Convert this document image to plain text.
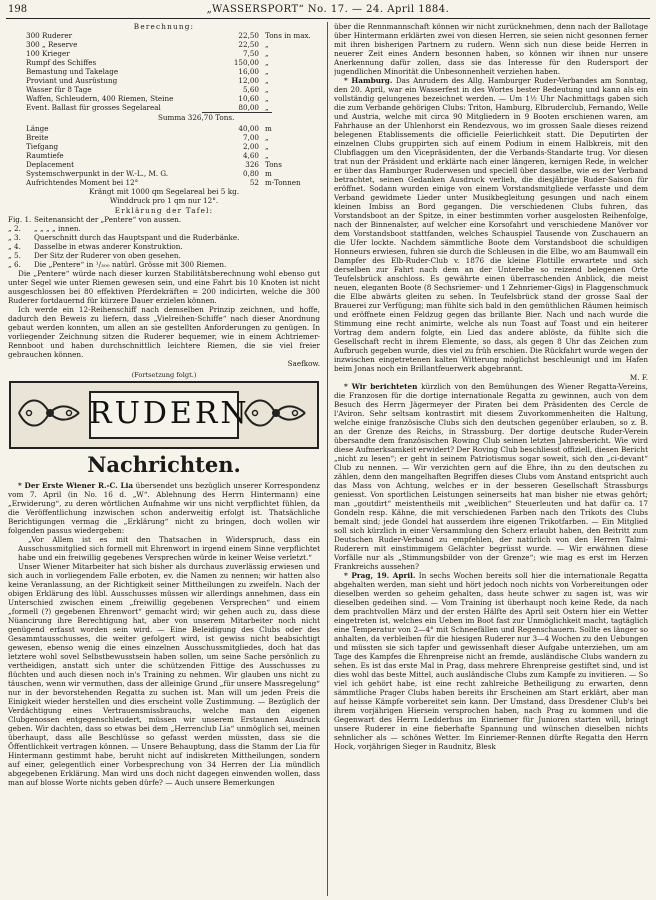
198	„WASSERSPORT“ No. 17. — 24. April 1884.
Berechnung:
300 Ruderer	22,50 Tons in max.
300 „ Reserve	22,50 „
100 Krieger	7,50 „
Rumpf des Schiffes	150,00 „
Bemastung und Takelage	16,00 „
Proviant und Ausrüstung	12,00 „
Wasser für 8 Tage	5,60 „
Waffen, Schleudern, 400 Riemen, Steine	10,60 „
Event. Ballast für grosses Segelareal	80,00 „
Summa 326,70 Tons.
Länge	40,00 m
Breite	7,00 „
Tiefgang	2,00 „
Raumtiefe	4,60 „
Deplacement	326 Tons
Systemschwerpunkt in der W.-L., M. G.	0,80 m
Aufrichtendes Moment bei 12°	52 m-Tonnen
Krängt mit 1000 qm Segelareal bei 5 kg.
Winddruck pro 1 qm nur 12°.
Erklärung der Tafel:
Fig. 1. Seitenansicht der „Pentere“ von aussen.
„ 2. „ „ „ „ innen.
„ 3. Querschnitt durch das Hauptspant und die Ruderbänke.
„ 4. Dasselbe in etwas anderer Konstruktion.
„ 5. Der Sitz der Ruderer von oben gesehen.
„ 6. Die „Pentere“ in ¹/₃₀₀ natürl. Grösse mit 300 Riemen.

Die „Pentere“ würde nach dieser kurzen Stabilitätsberechnung wohl ebenso gut unter Segel wie unter Riemen gewesen sein, und eine Fahrt bis 10 Knoten ist nicht ausgeschlossen bei 80 effektiven Pferdekräften = 200 indicirten, welche die 300 Ruderer fortdauernd für kürzere Dauer erzielen können.

Ich werde ein 12-Reihenschiff nach demselben Prinzip zeichnen, und hoffe, dadurch den Beweis zu liefern, dass „Vielreihen-Schiffe“ nach dieser Anordnung gebaut werden konnten, um allen an sie gestellten Anforderungen zu genügen. In vorliegender Zeichnung sitzen die Ruderer bequemer, wie in einem Achtriemer-Rennboot und haben durchschnittlich leichtere Riemen, die sie viel freier gebrauchen können.

Saefkow.
(Fortsetzung folgt.)
RUDERN
Nachrichten.

* Der Erste Wiener R.-C. Lia übersendet uns bezüglich unserer Korrespondenz vom 7. April (in No. 16 d. „W“. Ablehnung des Herrn Hintermann) eine „Erwiderung“, zu deren wörtlichen Aufnahme wir uns nicht verpflichtet fühlen, da die Veröffentlichung inzwischen schon anderweitig erfolgt ist. Thatsächliche Berichtigungen vermag die „Erklärung“ nicht zu bringen, doch wollen wir folgenden passus wiedergeben:

„Vor Allem ist es mit den Thatsachen in Widerspruch, dass ein Ausschussmitglied sich formell mit Ehrenwort in irgend einem Sinne verpflichtet habe und ein freiwillig gegebenes Versprechen würde in keiner Weise verletzt.“

Unser Wiener Mitarbeiter hat sich bisher als durchaus zuverlässig erwiesen und sich auch in vorliegendem Falle erboten, ev. die Namen zu nennen; wir hatten also keine Veranlassung, an der Richtigkeit seiner Mittheilungen zu zweifeln. Nach der obigen Erklärung des lübl. Ausschusses müssen wir allerdings annehmen, dass ein Unterschied zwischen einem „freiwillig gegebenen Versprechen“ und einem „formell (?) gegebenen Ehrenwort“ gemacht wird; wir gehen auch zu, dass diese Nüancirung ihre Berechtigung hat, aber von unserem Mitarbeiter noch nicht genügend erfasst worden sein wird. — Eine Beleidigung des Clubs oder des Gesammtausschusses, die weiter gefolgert wird, ist gewiss nicht beabsichtigt gewesen, ebenso wenig die eines einzelnen Ausschussmitgliedes, doch hat das letztere wohl sovel Selbstbewusstsein haben sollen, um seine Sache persönlich zu vertheidigen, anstatt sich unter die schützenden Fittige des Ausschusses zu flüchten und auch diesen noch in's Training zu nehmen. Wir glauben uns nicht zu täuschen, wenn wir vermuthen, dass der alleinige Grund „für unsere Massregelung“ nur in der bevorstehenden Regatta zu suchen ist. Man will um jeden Preis die Einigkeit wieder herstellen und dies erscheint volle Zustimmung. — Bezüglich der Verdächtigung eines Vertrauensmissbrauchs, welche man den eigenen Clubgenossen entgegenschleudert, müssen wir unserem Erstaunen Ausdruck geben. Wir dachten, dass so etwas bei dem „Herrenclub Lia“ unmöglich sei, meinen überhaupt, dass alle Beschlüsse so gefasst werden müssten, dass sie die Öffentlichkeit vertragen können. — Unsere Behauptung, dass die Stamm der Lia für Hintermann gestimmt habe, beruht nicht auf indiskreten Mittheilungen, sondern auf einer, gelegentlich einer Vorbesprechung von 34 Herren der Lia mündlich abgegebenen Erklärung. Man wird uns doch nicht dagegen einwenden wollen, dass man auf blosse Worte nichts geben dürfe? — Auch unsere Bemerkungen

über die Rennmannschaft können wir nicht zurücknehmen, denn nach der Ballotage über Hintermann erklärten zwei von diesen Herren, sie seien nicht gesonnen ferner mit ihren bisherigen Partnern zu rudern. Wenn sich nun diese beide Herren in neuerer Zeit eines Andern besonnen haben, so können wir ihnen nur unsere Anerkennung dafür zollen, dass sie das Interesse für den Rudersport der jugendlichen Minorität die Unbesonnenheit verziehen haben.

* Hamburg. Das Anrudern des Allg. Hamburger Ruder-Verbandes am Sonntag, den 20. April, war ein Wasserfest in des Wortes bester Bedeutung und kann als ein vollständig gelungenes bezeichnet werden. — Um 1½ Uhr Nachmittags gaben sich die zum Verbande gehörigen Clubs: Triton, Hamburg, Elbruderclub, Fernando, Welle und Austria, welche mit circa 90 Mitgliedern in 9 Booten erschienen waren, am Fahrhause an der Uhlenhorst ein Rendezvous, wo im grossen Saale dieses reizend belegenen Etablissements die officielle Feierlichkeit statt. Die Deputirten der einzelnen Clubs gruppirten sich auf einem Podium in einem Halbkreis, mit den Clubflaggen um den Vicepräsidenten, der die Verbands-Standarte trug. Vor diesen trat nun der Präsident und erklärte nach einer längeren, kernigen Rede, in welcher er über das Hamburger Ruderwesen und speciell über dasselbe, wie es der Verband betrachtet, seinen Gedanken Ausdruck verlieh, die diesjährige Ruder-Saison für eröffnet. Sodann wurden einige von einem Vorstandsmitgliede verfasste und dem Verband gewidmete Lieder unter Musikbegleitung gesungen und nach einem kleinen Imbiss an Bord gegangen. Die verschiedenen Clubs fuhren, das Vorstandsboot an der Spitze, in einer bestimmten vorher ausgelosten Reihenfolge, nach der Binnenalster, auf welcher eine Korsofahrt und verschiedene Manöver vor dem Vorstandsboot stattfanden, welches Schauspiel Tausende von Zuschauern an die Ufer lockte. Nachdem sämmtliche Boote dem Vorstandsboot die schuldigen Honneurs erwiesen, fuhren sie durch die Schleusen in die Elbe, wo am Baumwall ein Dampfer des Elb-Ruder-Club v. 1876 die kleine Flottille erwartete und sich derselben zur Fahrt nach dem an der Unterelbe so reizend belegenen Orte Teufelsbrück anschloss. Es gewährte einen überraschenden Anblick, die meist neuen, eleganten Boote (8 Sechsriemer- und 1 Zehnriemer-Gigs) in Flaggenschmuck die Elbe abwärts gleiten zu sehen. In Teufelsbrück stand der grosse Saal der Brauerei zur Verfügung; man fühlte sich bald in den gemüthlichen Räumen heimisch und eröffnete einen Feldzug gegen das brillante Bier. Nach und nach wurde die Stimmung eine recht animirte, welche als nun Toast auf Toast und ein heiterer Vortrag dem andern folgte, ein Lied das andere ablöste, da fühlte sich die Gesellschaft recht in ihrem Elemente, so dass, als gegen 8 Uhr das Zeichen zum Aufbruch gegeben wurde, dies viel zu früh erschien. Die Rückfahrt wurde wegen der inzwischen eingetretenen kalten Witterung möglichst beschleunigt und im Hafen beim Jonas noch ein Brillantfeuerwerk abgebrannt.

M. F.

* Wir berichteten kürzlich von den Bemühungen des Wiener Regatta-Vereins, die Franzosen für die dortige internationale Regatta zu gewinnen, auch von dem Besuch des Herrn Jägermeyer der Piraten bei dem Präsidenten des Cercle de l'Aviron. Sehr seltsam kontrastirt mit diesem Zuvorkommenheiten die Haltung, welche einige französische Clubs sich den deutschen gegenüber erlauben, so z. B. an der Grenze des Reichs, in Strassburg. Der dortige deutsche Ruder-Verein übersandte dem französischen Rowing Club seinen letzten Jahresbericht. Wie wird diese Aufmerksamkeit erwidert? Der Roving Club beschliesst offiziell, diesen Bericht „nicht zu lesen“; er geht in seinem Patriotismus sogar soweit, sich den „ci-devant“ Club zu nennen. — Wir verzichten gern auf die Ehre, ihn zu den deutschen zu zählen, denn den mangelhaften Begriffen dieses Clubs vom Anstand entspricht auch das Mass von Achtung, welches er in der besseren Gesellschaft Strassburgs geniesst. Von sportlichen Leistungen seinerseits hat man bisher nie etwas gehört; man „goutdirt“ meistentheils mit „weiblichen“ Steuerleuten und hat dafür ca. 17 Gondeln resp. Kähne, die mit verschiedenen Farben nach den Trikots des Clubs bemalt sind; jede Gondel hat ausserdem ihre eigenen Trikotfarben. — Ein Mitglied soll sich kürzlich in einer Versammlung den Scherz erlaubt haben, den Beitritt zum Deutschen Ruder-Verband zu empfehlen, der natürlich von den Herren Talmi-Ruderern mit einstimmigem Gelächter begrüsst wurde. — Wir erwähnen diese Vorfälle nur als „Stimmungsbilder von der Grenze“; wie mag es erst im Herzen Frankreichs aussehen?

* Prag, 19. April. In sechs Wochen bereits soll hier die internationale Regatta abgehalten werden, man sieht und hört jedoch noch nichts von Vorbereitungen oder dieselben werden so geheim gehalten, dass heute schwer zu sagen ist, was wir dieselben gedeihen sind. — Vom Training ist überhaupt noch keine Rede, da nach dem prachtvollen März und der ersten Hälfte des April seit Ostern hier ein Wetter eingetreten ist, welches ein Ueben im Boot fast zur Unmöglichkeit macht, tagtäglich eine Temperatur von 2—4° mit Schneefällen und Regenschauern. Sollte es länger so anhalten, da verbleiben für die hiesigen Ruderer nur 3—4 Wochen zu den Uebungen und müssten sie sich tapfer und gewissenhaft dieser Aufgabe unterziehen, um am Tage des Kampfes die Ehrenpreise nicht an fremde, ausländische Clubs wandern zu sehen. Es ist das erste Mal in Prag, dass mehrere Ehrenpreise gestiftet sind, und ist dies wohl das beste Mittel, auch ausländische Clubs zum Kampfe zu invitieren. — So viel ich gehört habe, ist eine recht zahlreiche Betheiligung zu erwarten, denn sämmtliche Prager Clubs haben bereits ihr Erscheinen am Start erklärt, aber man auf heisse Kämpfe vorbereitet sein kann. Der Umstand, dass Dresdener Club's bei ihrem vorjährigen Hiersein versprochen haben, nach Prag zu kommen und die Gegenwart des Herrn Ledderhus im Einriemer für Junioren starten will, bringt unsere Ruderer in eine fieberhafte Spannung und wünschen dieselben nichts sehnlicher als — schönes Wetter. Im Einriemer-Rennen dürfte Regatta den Herrn Hock, vorjährigen Sieger in Raudnitz, Blesk
